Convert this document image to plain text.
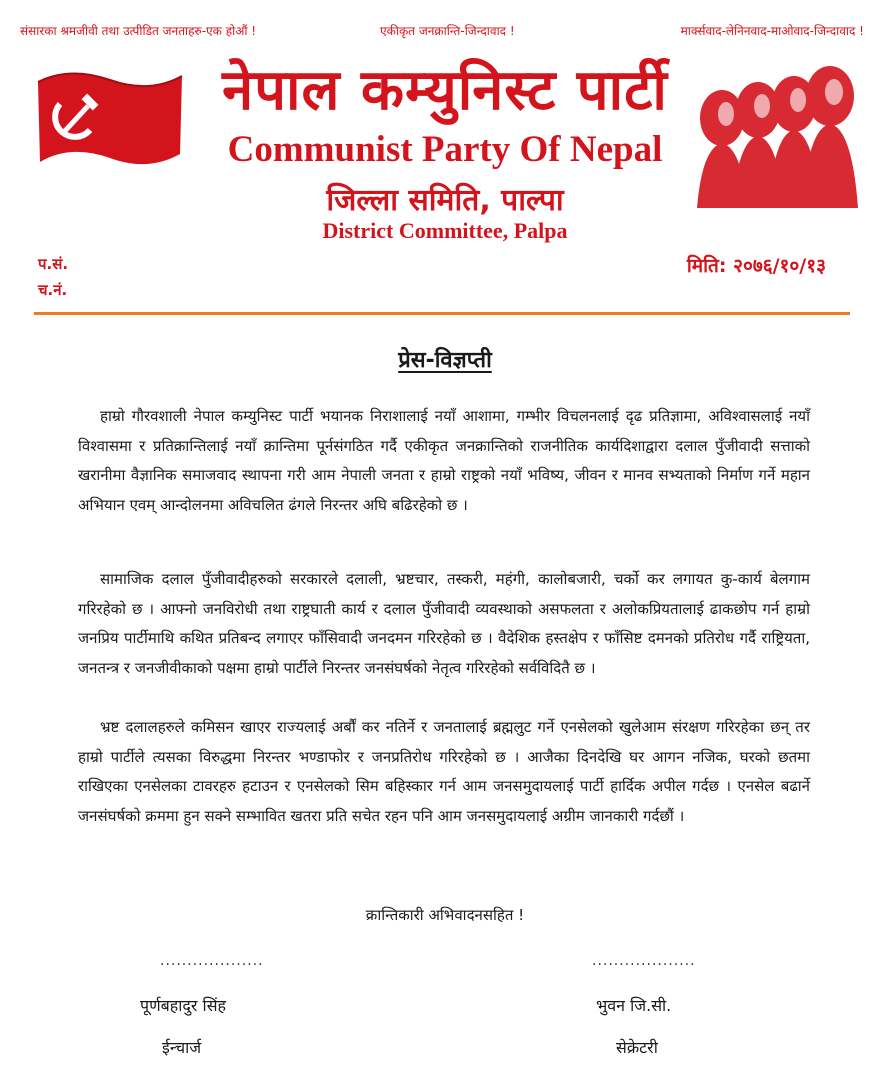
संसारका श्रमजीवी तथा उत्पीडित जनताहरु-एक होऔं !	एकीकृत जनक्रान्ति-जिन्दावाद !	मार्क्सवाद-लेनिनवाद-माओवाद-जिन्दावाद !
नेपाल कम्युनिस्ट पार्टी
Communist Party Of Nepal
जिल्ला समिति, पाल्पा
District Committee, Palpa
प.सं.
च.नं.
मिति: २०७६/१०/१३
प्रेस-विज्ञप्ती

हाम्रो गौरवशाली नेपाल कम्युनिस्ट पार्टी भयानक निराशालाई नयाँ आशामा, गम्भीर विचलनलाई दृढ प्रतिज्ञामा, अविश्वासलाई नयाँ विश्वासमा र प्रतिक्रान्तिलाई नयाँ क्रान्तिमा पूर्नसंगठित गर्दै एकीकृत जनक्रान्तिको राजनीतिक कार्यदिशाद्वारा दलाल पुँजीवादी सत्ताको खरानीमा वैज्ञानिक समाजवाद स्थापना गरी आम नेपाली जनता र हाम्रो राष्ट्रको नयाँ भविष्य, जीवन र मानव सभ्यताको निर्माण गर्ने महान अभियान एवम् आन्दोलनमा अविचलित ढंगले निरन्तर अघि बढिरहेको छ ।

सामाजिक दलाल पुँजीवादीहरुको सरकारले दलाली, भ्रष्टचार, तस्करी, महंगी, कालोबजारी, चर्को कर लगायत कु-कार्य बेलगाम गरिरहेको छ । आफ्नो जनविरोधी तथा राष्ट्रघाती कार्य र दलाल पुँजीवादी व्यवस्थाको असफलता र अलोकप्रियतालाई ढाकछोप गर्न हाम्रो जनप्रिय पार्टीमाथि कथित प्रतिबन्द लगाएर फाँसिवादी जनदमन गरिरहेको छ । वैदेशिक हस्तक्षेप र फाँसिष्ट दमनको प्रतिरोध गर्दै राष्ट्रियता, जनतन्त्र र जनजीवीकाको पक्षमा हाम्रो पार्टीले निरन्तर जनसंघर्षको नेतृत्व गरिरहेको सर्वविदितै छ ।

भ्रष्ट दलालहरुले कमिसन खाएर राज्यलाई अर्बौं कर नतिर्ने र जनतालाई ब्रह्मलुट गर्ने एनसेलको खुलेआम संरक्षण गरिरहेका छन् तर हाम्रो पार्टीले त्यसका विरुद्धमा निरन्तर भण्डाफोर र जनप्रतिरोध गरिरहेको छ । आजैका दिनदेखि घर आगन नजिक, घरको छतमा राखिएका एनसेलका टावरहरु हटाउन र एनसेलको सिम बहिस्कार गर्न आम जनसमुदायलाई पार्टी हार्दिक अपील गर्दछ । एनसेल बढार्ने जनसंघर्षको क्रममा हुन सक्ने सम्भावित खतरा प्रति सचेत रहन पनि आम जनसमुदायलाई अग्रीम जानकारी गर्दछौं ।

क्रान्तिकारी अभिवादनसहित !
...................	...................
पूर्णबहादुर सिंह
ईन्चार्ज
भुवन जि.सी.
सेक्रेटरी
